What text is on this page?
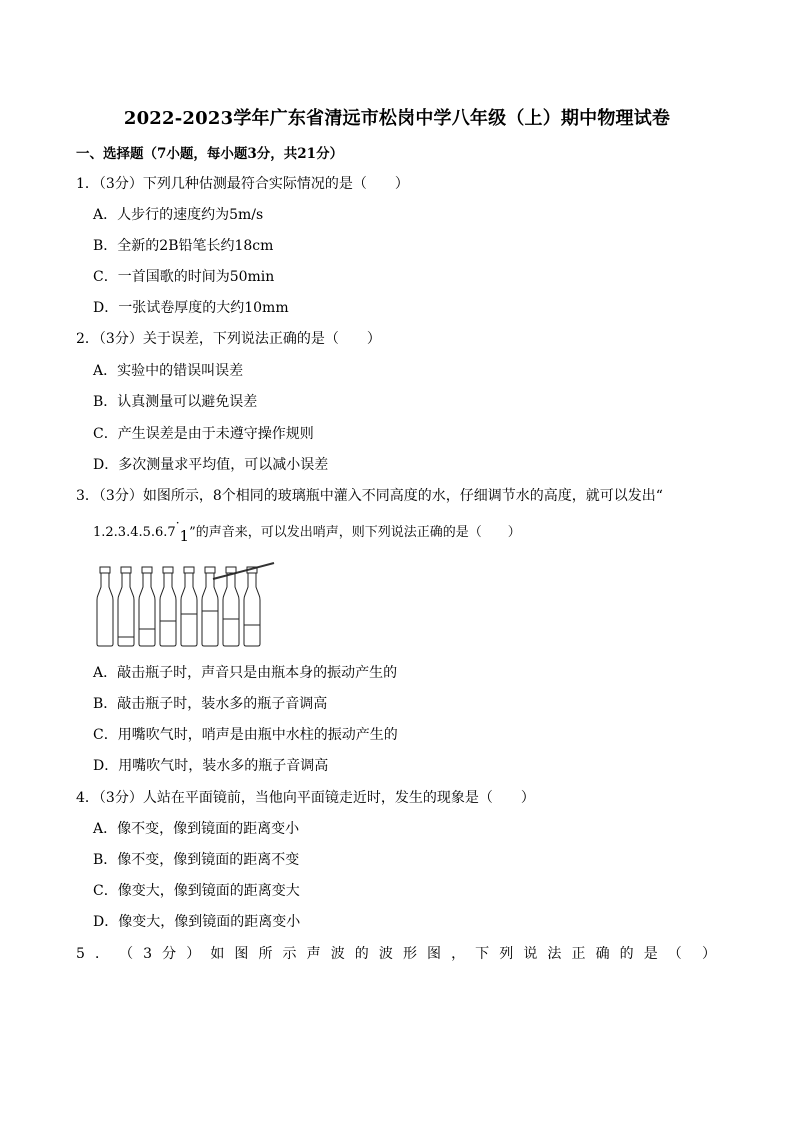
2022-2023学年广东省清远市松岗中学八年级（上）期中物理试卷
一、选择题（7小题，每小题3分，共21分）
1．（3分）下列几种估测最符合实际情况的是（　　）
A．人步行的速度约为5m/s
B．全新的2B铅笔长约18cm
C．一首国歌的时间为50min
D．一张试卷厚度的大约10mm
2．（3分）关于误差，下列说法正确的是（　　）
A．实验中的错误叫误差
B．认真测量可以避免误差
C．产生误差是由于未遵守操作规则
D．多次测量求平均值，可以减小误差
3．（3分）如图所示，8个相同的玻璃瓶中灌入不同高度的水，仔细调节水的高度，就可以发出“
1.2.3.4.5.6.7·1”的声音来，可以发出哨声，则下列说法正确的是（　　）
A．敲击瓶子时，声音只是由瓶本身的振动产生的
B．敲击瓶子时，装水多的瓶子音调高
C．用嘴吹气时，哨声是由瓶中水柱的振动产生的
D．用嘴吹气时，装水多的瓶子音调高
4．（3分）人站在平面镜前，当他向平面镜走近时，发生的现象是（　　）
A．像不变，像到镜面的距离变小
B．像不变，像到镜面的距离不变
C．像变大，像到镜面的距离变大
D．像变大，像到镜面的距离变小
5 ． （ 3 分 ） 如 图 所 示 声 波 的 波 形 图 ， 下 列 说 法 正 确 的 是 （ ）
